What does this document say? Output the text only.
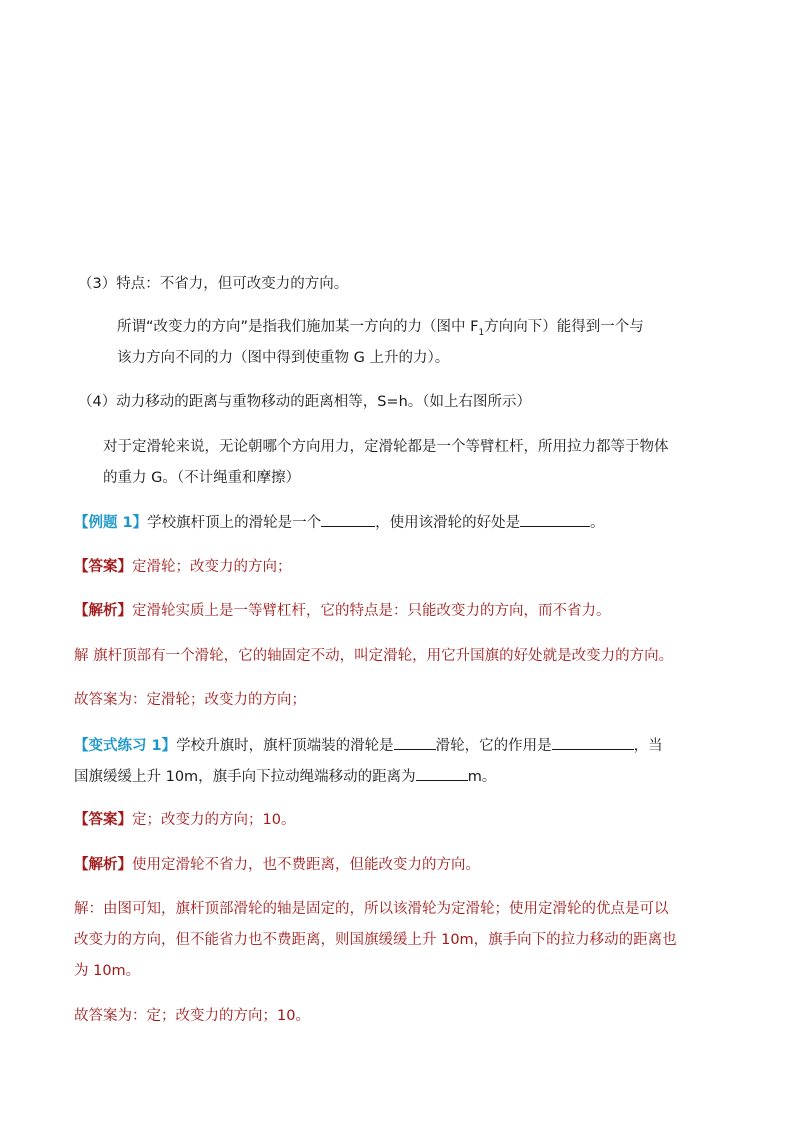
（3）特点：不省力，但可改变力的方向。
所谓“改变力的方向”是指我们施加某一方向的力（图中 $F_1$方向向下）能得到一个与
该力方向不同的力（图中得到使重物 G 上升的力）。
（4）动力移动的距离与重物移动的距离相等，S=h。（如上右图所示）
对于定滑轮来说，无论朝哪个方向用力，定滑轮都是一个等臂杠杆，所用拉力都等于物体
的重力 G。（不计绳重和摩擦）
【例题 1】学校旗杆顶上的滑轮是一个	，使用该滑轮的好处是	。
【答案】定滑轮；改变力的方向；
【解析】定滑轮实质上是一等臂杠杆，它的特点是：只能改变力的方向，而不省力。
解 旗杆顶部有一个滑轮，它的轴固定不动，叫定滑轮，用它升国旗的好处就是改变力的方向。
故答案为：定滑轮；改变力的方向；
【变式练习 1】学校升旗时，旗杆顶端装的滑轮是	滑轮，它的作用是	，当
国旗缓缓上升 10m，旗手向下拉动绳端移动的距离为	m。
【答案】定；改变力的方向；10。
【解析】使用定滑轮不省力，也不费距离，但能改变力的方向。
解：由图可知，旗杆顶部滑轮的轴是固定的，所以该滑轮为定滑轮；使用定滑轮的优点是可以
改变力的方向，但不能省力也不费距离，则国旗缓缓上升 10m，旗手向下的拉力移动的距离也
为 10m。
故答案为：定；改变力的方向；10。
